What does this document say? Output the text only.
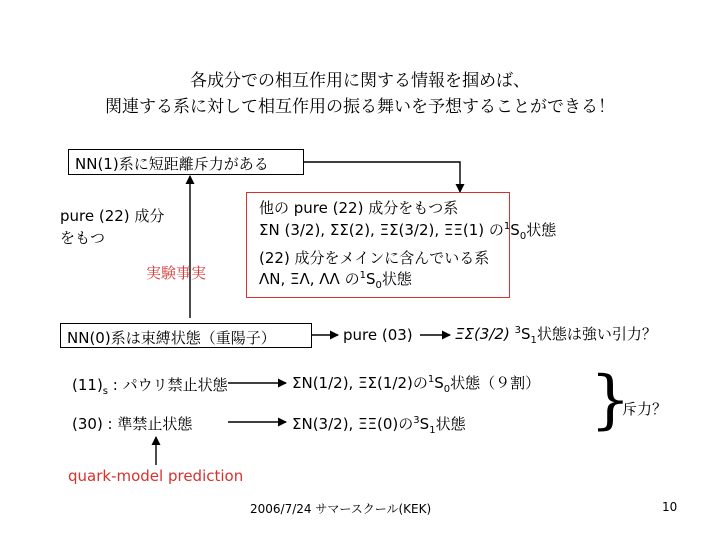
各成分での相互作用に関する情報を掴めば、
関連する系に対して相互作用の振る舞いを予想することができる！
NN(1)系に短距離斥力がある
pure (22) 成分
をもつ
実験事実
他の pure (22) 成分をもつ系
ΣN (3/2), ΣΣ(2), ΞΣ(3/2), ΞΞ(1) の$^1S_0$状態
(22) 成分をメインに含んでいる系
ΛN, ΞΛ, ΛΛ の$^1S_0$状態
NN(0)系は束縛状態（重陽子）	pure (03)	ΞΣ(3/2) $^3S_1$状態は強い引力？
$(11)_s$ : パウリ禁止状態	ΣN(1/2), ΞΣ(1/2)の$^1S_0$状態（９割）
(30) : 準禁止状態	ΣN(3/2), ΞΞ(0)の$^3S_1$状態 }
斥力？
quark-model prediction
2006/7/24 サマースクール(KEK)	10
